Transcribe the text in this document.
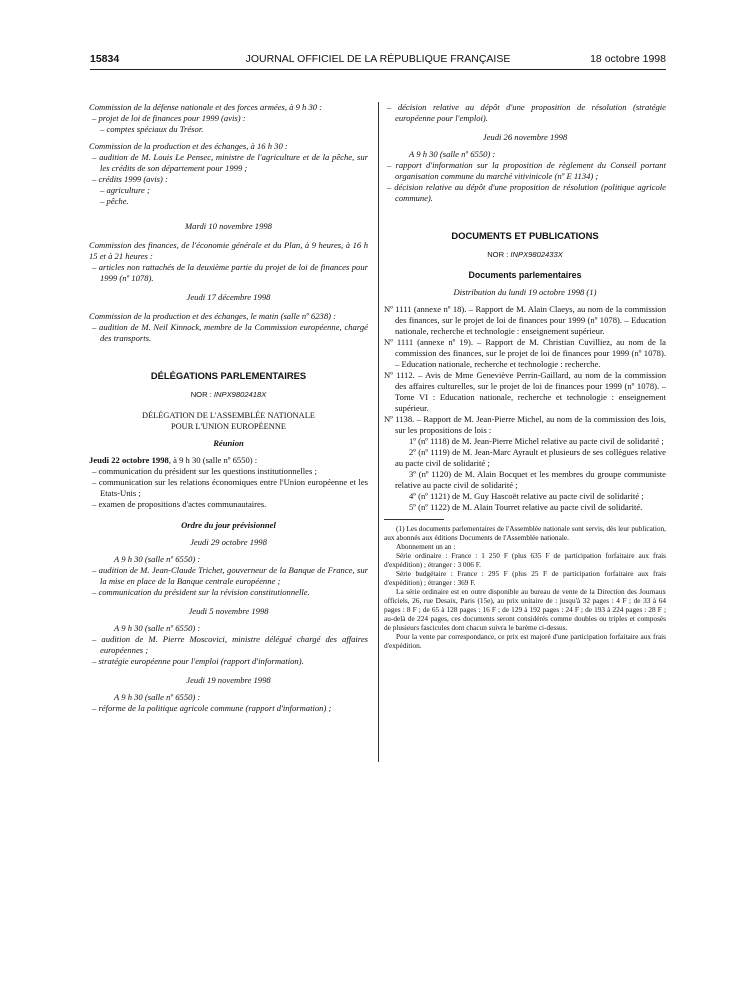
15834	JOURNAL OFFICIEL DE LA RÉPUBLIQUE FRANÇAISE	18 octobre 1998

Commission de la défense nationale et des forces armées, à 9 h 30 :

– projet de loi de finances pour 1999 (avis) :

– comptes spéciaux du Trésor.

Commission de la production et des échanges, à 16 h 30 :

– audition de M. Louis Le Pensec, ministre de l'agriculture et de la pêche, sur les crédits de son département pour 1999 ;

– crédits 1999 (avis) :

– agriculture ;

– pêche.

Mardi 10 novembre 1998

Commission des finances, de l'économie générale et du Plan, à 9 heures, à 16 h 15 et à 21 heures :

– articles non rattachés de la deuxième partie du projet de loi de finances pour 1999 (nº 1078).

Jeudi 17 décembre 1998

Commission de la production et des échanges, le matin (salle nº 6238) :

– audition de M. Neil Kinnock, membre de la Commission européenne, chargé des transports.

DÉLÉGATIONS PARLEMENTAIRES

NOR : INPX9802418X

DÉLÉGATION DE L'ASSEMBLÉE NATIONALE

POUR L'UNION EUROPÉENNE

Réunion

Jeudi 22 octobre 1998, à 9 h 30 (salle nº 6550) :

– communication du président sur les questions institutionnelles ;

– communication sur les relations économiques entre l'Union européenne et les Etats-Unis ;

– examen de propositions d'actes communautaires.

Ordre du jour prévisionnel

Jeudi 29 octobre 1998

A 9 h 30 (salle nº 6550) :

– audition de M. Jean-Claude Trichet, gouverneur de la Banque de France, sur la mise en place de la Banque centrale européenne ;

– communication du président sur la révision constitutionnelle.

Jeudi 5 novembre 1998

A 9 h 30 (salle nº 6550) :

– audition de M. Pierre Moscovici, ministre délégué chargé des affaires européennes ;

– stratégie européenne pour l'emploi (rapport d'information).

Jeudi 19 novembre 1998

A 9 h 30 (salle nº 6550) :

– réforme de la politique agricole commune (rapport d'information) ;

– décision relative au dépôt d'une proposition de résolution (stratégie européenne pour l'emploi).

Jeudi 26 novembre 1998

A 9 h 30 (salle nº 6550) :

– rapport d'information sur la proposition de règlement du Conseil portant organisation commune du marché vitivinicole (nº E 1134) ;

– décision relative au dépôt d'une proposition de résolution (politique agricole commune).

DOCUMENTS ET PUBLICATIONS

NOR : INPX9802433X

Documents parlementaires

Distribution du lundi 19 octobre 1998 (1)

Nº 1111 (annexe nº 18). – Rapport de M. Alain Claeys, au nom de la commission des finances, sur le projet de loi de finances pour 1999 (nº 1078). – Education nationale, recherche et technologie : enseignement supérieur.

Nº 1111 (annexe nº 19). – Rapport de M. Christian Cuvilliez, au nom de la commission des finances, sur le projet de loi de finances pour 1999 (nº 1078). – Education nationale, recherche et technologie : recherche.

Nº 1112. – Avis de Mme Geneviève Perrin-Gaillard, au nom de la commission des affaires culturelles, sur le projet de loi de finances pour 1999 (nº 1078). – Tome VI : Education nationale, recherche et technologie : enseignement supérieur.

Nº 1138. – Rapport de M. Jean-Pierre Michel, au nom de la commission des lois, sur les propositions de lois :

1º (nº 1118) de M. Jean-Pierre Michel relative au pacte civil de solidarité ;

2º (nº 1119) de M. Jean-Marc Ayrault et plusieurs de ses collègues relative au pacte civil de solidarité ;

3º (nº 1120) de M. Alain Bocquet et les membres du groupe communiste relative au pacte civil de solidarité ;

4º (nº 1121) de M. Guy Hascoët relative au pacte civil de solidarité ;

5º (nº 1122) de M. Alain Tourret relative au pacte civil de solidarité.

(1) Les documents parlementaires de l'Assemblée nationale sont servis, dès leur publication, aux abonnés aux éditions Documents de l'Assemblée nationale.

Abonnement un an :

Série ordinaire : France : 1 250 F (plus 635 F de participation forfaitaire aux frais d'expédition) ; étranger : 3 006 F.

Série budgétaire : France : 295 F (plus 25 F de participation forfaitaire aux frais d'expédition) ; étranger : 369 F.

La série ordinaire est en outre disponible au bureau de vente de la Direction des Journaux officiels, 26, rue Desaix, Paris (15e), au prix unitaire de : jusqu'à 32 pages : 4 F ; de 33 à 64 pages : 8 F ; de 65 à 128 pages : 16 F ; de 129 à 192 pages : 24 F ; de 193 à 224 pages : 28 F ; au-delà de 224 pages, ces documents seront considérés comme doubles ou triples et composés de plusieurs fascicules dont chacun suivra le barème ci-dessus.

Pour la vente par correspondance, ce prix est majoré d'une participation forfaitaire aux frais d'expédition.
